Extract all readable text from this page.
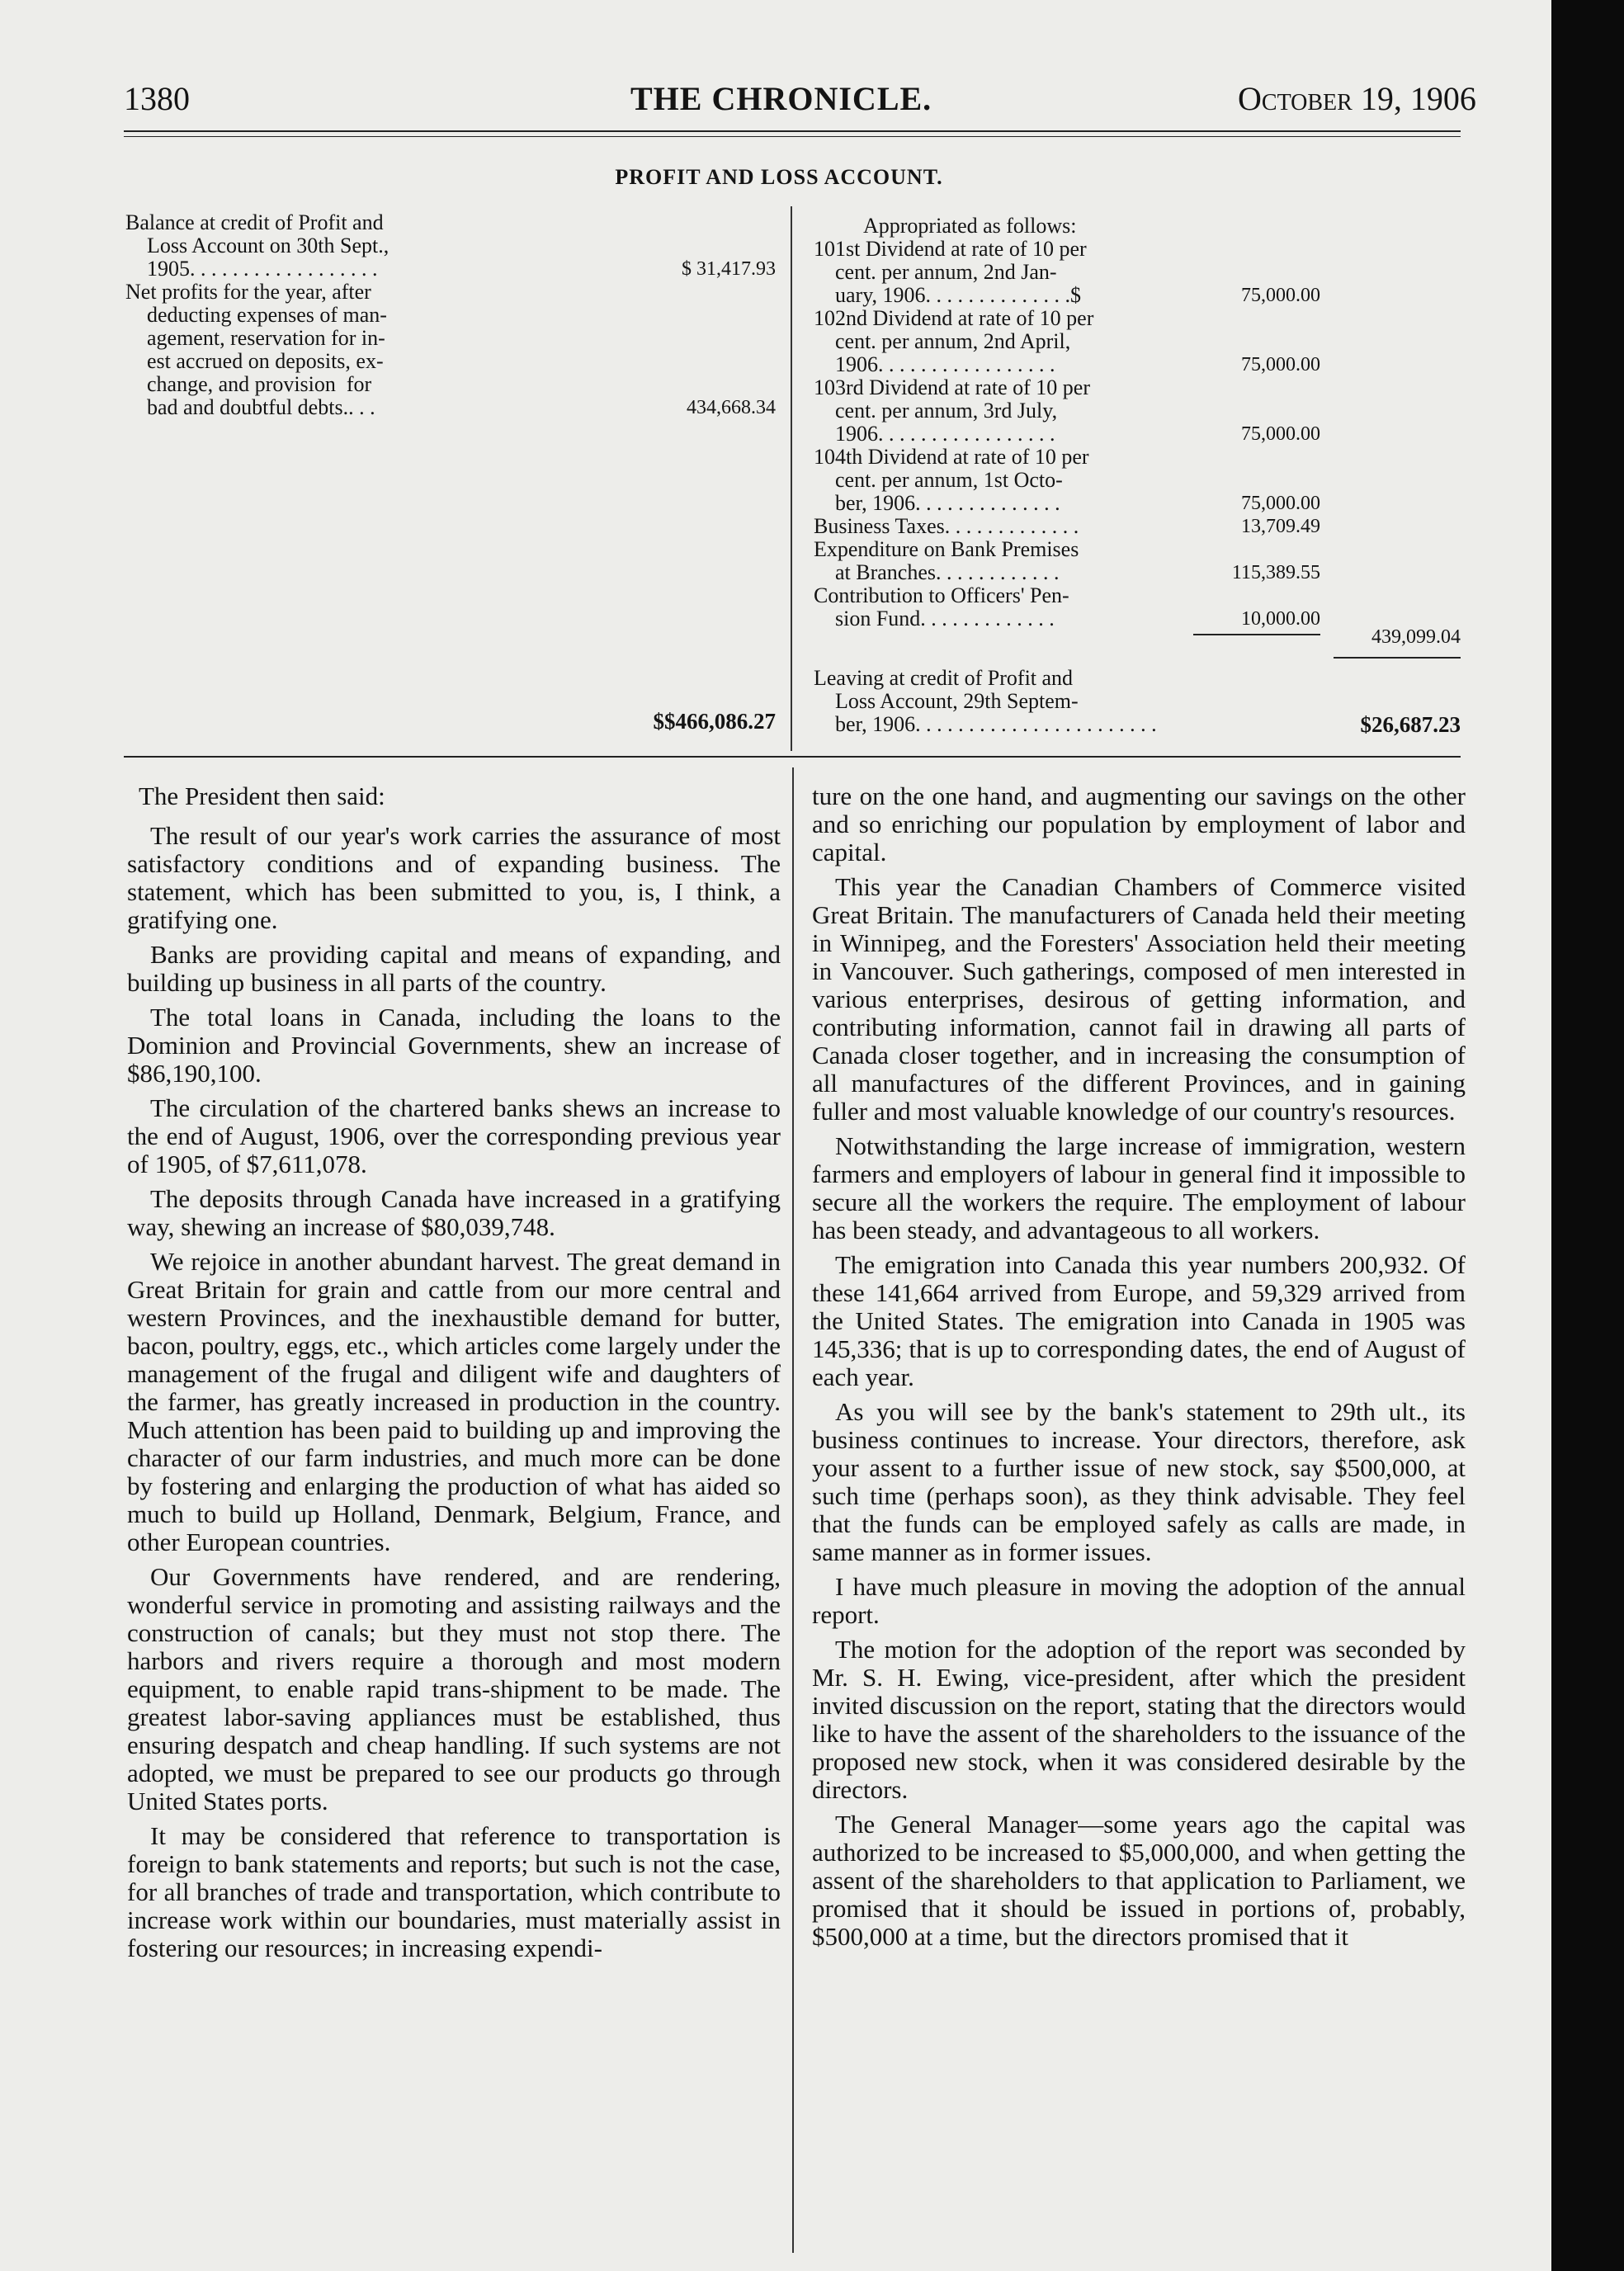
1380	THE CHRONICLE.	October 19, 1906
PROFIT AND LOSS ACCOUNT.
Balance at credit of Profit and
Loss Account on 30th Sept.,
1905. . . . . . . . . . . . . . . . . .	$ 31,417.93
Net profits for the year, after
deducting expenses of man-
agement, reservation for in-
est accrued on deposits, ex-
change, and provision  for
bad and doubtful debts.. . .	434,668.34
$$466,086.27
Appropriated as follows:
101st Dividend at rate of 10 per
cent. per annum, 2nd Jan-
uary, 1906. . . . . . . . . . . . . .$	75,000.00
102nd Dividend at rate of 10 per
cent. per annum, 2nd April,
1906. . . . . . . . . . . . . . . . .	75,000.00
103rd Dividend at rate of 10 per
cent. per annum, 3rd July,
1906. . . . . . . . . . . . . . . . .	75,000.00
104th Dividend at rate of 10 per
cent. per annum, 1st Octo-
ber, 1906. . . . . . . . . . . . . .	75,000.00
Business Taxes. . . . . . . . . . . . .	13,709.49
Expenditure on Bank Premises
at Branches. . . . . . . . . . . .	115,389.55
Contribution to Officers' Pen-
sion Fund. . . . . . . . . . . . .	10,000.00
439,099.04
Leaving at credit of Profit and
Loss Account, 29th Septem-
ber, 1906. . . . . . . . . . . . . . . . . . . . . . .	$26,687.23

The President then said:

The result of our year's work carries the assurance of most satisfactory conditions and of expanding business. The statement, which has been submitted to you, is, I think, a gratifying one.

Banks are providing capital and means of expanding, and building up business in all parts of the country.

The total loans in Canada, including the loans to the Dominion and Provincial Governments, shew an increase of $86,190,100.

The circulation of the chartered banks shews an increase to the end of August, 1906, over the corresponding previous year of 1905, of $7,611,078.

The deposits through Canada have increased in a gratifying way, shewing an increase of $80,039,748.

We rejoice in another abundant harvest. The great demand in Great Britain for grain and cattle from our more central and western Provinces, and the inexhaustible demand for butter, bacon, poultry, eggs, etc., which articles come largely under the management of the frugal and diligent wife and daughters of the farmer, has greatly increased in production in the country. Much attention has been paid to building up and improving the character of our farm industries, and much more can be done by fostering and enlarging the production of what has aided so much to build up Holland, Denmark, Belgium, France, and other European countries.

Our Governments have rendered, and are rendering, wonderful service in promoting and assisting railways and the construction of canals; but they must not stop there. The harbors and rivers require a thorough and most modern equipment, to enable rapid trans-shipment to be made. The greatest labor-saving appliances must be established, thus ensuring despatch and cheap handling. If such systems are not adopted, we must be prepared to see our products go through United States ports.

It may be considered that reference to transportation is foreign to bank statements and reports; but such is not the case, for all branches of trade and transportation, which contribute to increase work within our boundaries, must materially assist in fostering our resources; in increasing expendi-

ture on the one hand, and augmenting our savings on the other and so enriching our population by employment of labor and capital.

This year the Canadian Chambers of Commerce visited Great Britain. The manufacturers of Canada held their meeting in Winnipeg, and the Foresters' Association held their meeting in Vancouver. Such gatherings, composed of men interested in various enterprises, desirous of getting information, and contributing information, cannot fail in drawing all parts of Canada closer together, and in increasing the consumption of all manufactures of the different Provinces, and in gaining fuller and most valuable knowledge of our country's resources.

Notwithstanding the large increase of immigration, western farmers and employers of labour in general find it impossible to secure all the workers the require. The employment of labour has been steady, and advantageous to all workers.

The emigration into Canada this year numbers 200,932. Of these 141,664 arrived from Europe, and 59,329 arrived from the United States. The emigration into Canada in 1905 was 145,336; that is up to corresponding dates, the end of August of each year.

As you will see by the bank's statement to 29th ult., its business continues to increase. Your directors, therefore, ask your assent to a further issue of new stock, say $500,000, at such time (perhaps soon), as they think advisable. They feel that the funds can be employed safely as calls are made, in same manner as in former issues.

I have much pleasure in moving the adoption of the annual report.

The motion for the adoption of the report was seconded by Mr. S. H. Ewing, vice-president, after which the president invited discussion on the report, stating that the directors would like to have the assent of the shareholders to the issuance of the proposed new stock, when it was considered desirable by the directors.

The General Manager—some years ago the capital was authorized to be increased to $5,000,000, and when getting the assent of the shareholders to that application to Parliament, we promised that it should be issued in portions of, probably, $500,000 at a time, but the directors promised that it
